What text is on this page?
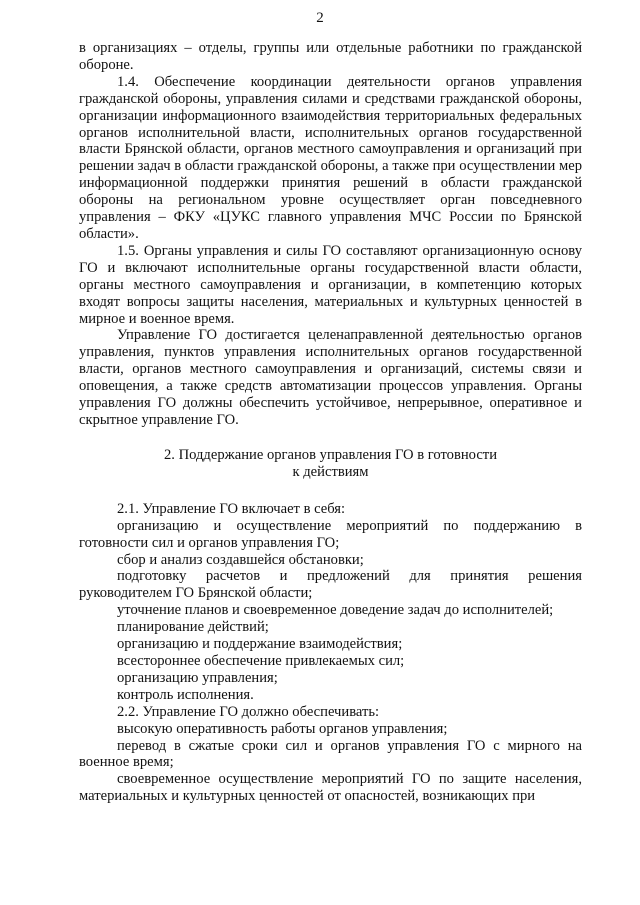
2

в организациях – отделы, группы или отдельные работники по гражданской обороне.

1.4. Обеспечение координации деятельности органов управления гражданской обороны, управления силами и средствами гражданской обороны, организации информационного взаимодействия территориальных федеральных органов исполнительной власти, исполнительных органов государственной власти Брянской области, органов местного самоуправления и организаций при решении задач в области гражданской обороны, а также при осуществлении мер информационной поддержки принятия решений в области гражданской обороны на региональном уровне осуществляет орган повседневного управления – ФКУ «ЦУКС главного управления МЧС России по Брянской области».

1.5. Органы управления и силы ГО составляют организационную основу ГО и включают исполнительные органы государственной власти области, органы местного самоуправления и организации, в компетенцию которых входят вопросы защиты населения, материальных и культурных ценностей в мирное и военное время.

Управление ГО достигается целенаправленной деятельностью органов управления, пунктов управления исполнительных органов государственной власти, органов местного самоуправления и организаций, системы связи и оповещения, а также средств автоматизации процессов управления. Органы управления ГО должны обеспечить устойчивое, непрерывное, оперативное и скрытное управление ГО.

2. Поддержание органов управления ГО в готовности
к действиям

2.1. Управление ГО включает в себя:

организацию и осуществление мероприятий по поддержанию в готовности сил и органов управления ГО;

сбор и анализ создавшейся обстановки;

подготовку расчетов и предложений для принятия решения руководителем ГО Брянской области;

уточнение планов и своевременное доведение задач до исполнителей;

планирование действий;

организацию и поддержание взаимодействия;

всестороннее обеспечение привлекаемых сил;

организацию управления;

контроль исполнения.

2.2. Управление ГО должно обеспечивать:

высокую оперативность работы органов управления;

перевод в сжатые сроки сил и органов управления ГО с мирного на военное время;

своевременное осуществление мероприятий ГО по защите населения, материальных и культурных ценностей от опасностей, возникающих при
